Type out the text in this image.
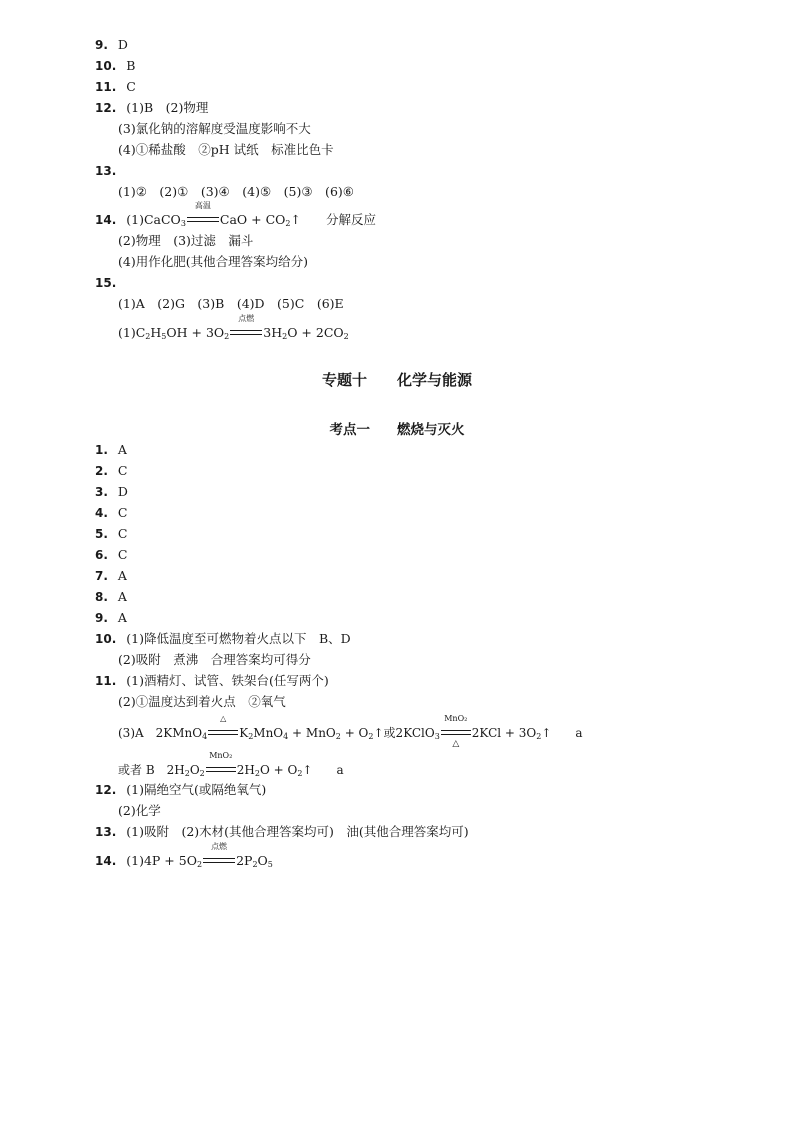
9. D
10. B
11. C
12. (1)B　(2)物理
(3)氯化钠的溶解度受温度影响不大
(4)①稀盐酸　②pH 试纸　标准比色卡
13.
(1)②　(2)①　(3)④　(4)⑤　(5)③　(6)⑥
14. (1)CaCO$_3$
高温
CaO + $CO_2↑$　　分解反应
(2)物理　(3)过滤　漏斗
(4)用作化肥(其他合理答案均给分)
15.
(1)A　(2)G　(3)B　(4)D　(5)C　(6)E
$(1)C_2H_5OH + 3O_2$
点燃
$3H_2O + 2CO_2$
专题十　　化学与能源
考点一　　燃烧与灭火
1. A
2. C
3. D
4. C
5. C
6. C
7. A
8. A
9. A
10. (1)降低温度至可燃物着火点以下　B、D
(2)吸附　煮沸　合理答案均可得分
11. (1)酒精灯、试管、铁架台(任写两个)
(2)①温度达到着火点　②氧气
(3)A　2KMnO$_4$
△
$K_2MnO_4 + MnO_2$ + $O_2↑$或2KClO$_3$
MnO₂
△
$2KCl + 3O_2↑$　　a
或者 B　$2H_2O_2$
MnO₂
$2H_2O$ + $O_2↑$　　a
12. (1)隔绝空气(或隔绝氧气)
(2)化学
13. (1)吸附　(2)木材(其他合理答案均可)　油(其他合理答案均可)
14. $(1)4P + 5O_2$
点燃
$2P_2O_5$
